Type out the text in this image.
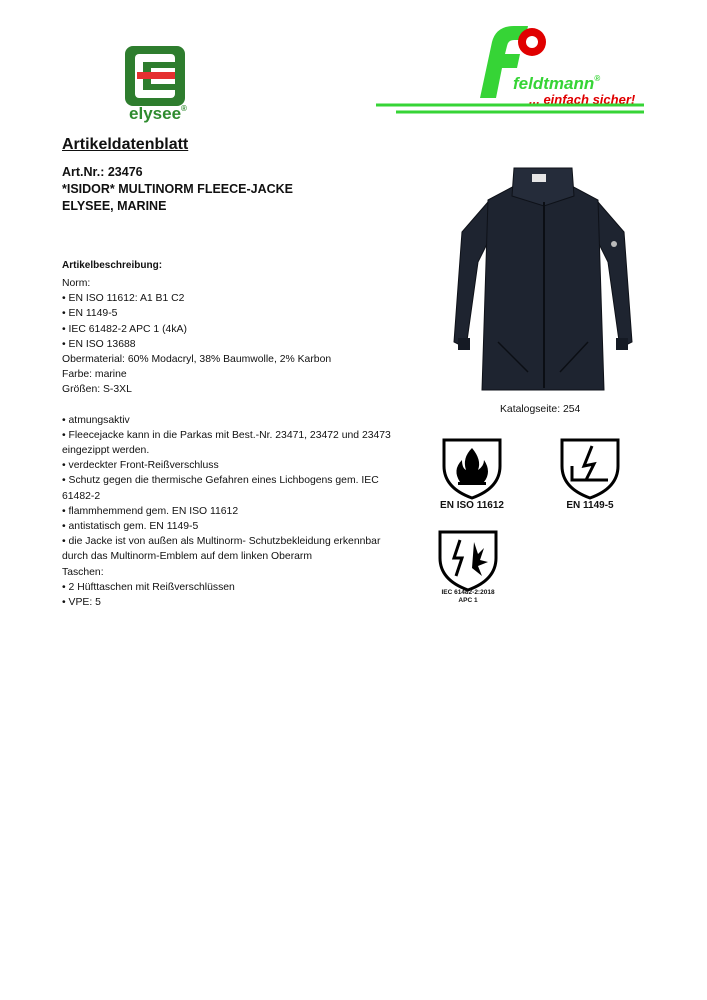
elysee®
feldtmann®
... einfach sicher!
Artikeldatenblatt
Art.Nr.: 23476
*ISIDOR* MULTINORM FLEECE-JACKE
ELYSEE, MARINE
Artikelbeschreibung:
Norm:
• EN ISO 11612: A1 B1 C2
• EN 1149-5
• IEC 61482-2 APC 1 (4kA)
• EN ISO 13688
Obermaterial: 60% Modacryl, 38% Baumwolle, 2% Karbon
Farbe: marine
Größen: S-3XL
• atmungsaktiv
• Fleecejacke kann in die Parkas mit Best.-Nr. 23471, 23472 und 23473
eingezippt werden.
• verdeckter Front-Reißverschluss
• Schutz gegen die thermische Gefahren eines Lichbogens gem. IEC
61482-2
• flammhemmend gem. EN ISO 11612
• antistatisch gem. EN 1149-5
• die Jacke ist von außen als Multinorm- Schutzbekleidung erkennbar
durch das Multinorm-Emblem auf dem linken Oberarm
Taschen:
• 2 Hüfttaschen mit Reißverschlüssen
• VPE: 5
Katalogseite: 254
EN ISO 11612	EN 1149-5
IEC 61482-2:2018
APC 1
